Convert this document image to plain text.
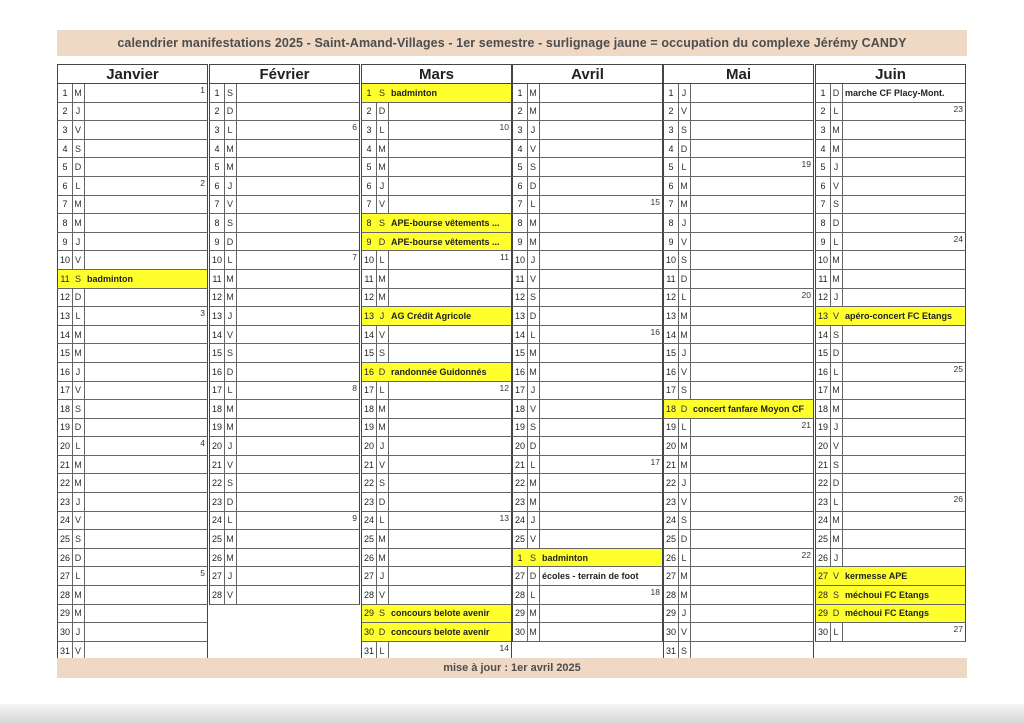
calendrier manifestations 2025 - Saint-Amand-Villages - 1er semestre - surlignage jaune = occupation du complexe Jérémy CANDY
Janvier
1 M	1
2 J
3 V
4 S
5 D
6 L	2
7 M
8 M
9 J
10 V
11 S badminton
12 D
13 L	3
14 M
15 M
16 J
17 V
18 S
19 D
20 L	4
21 M
22 M
23 J
24 V
25 S
26 D
27 L	5
28 M
29 M
30 J
31 V
Février
1 S
2 D
3 L	6
4 M
5 M
6 J
7 V
8 S
9 D
10 L	7
11 M
12 M
13 J
14 V
15 S
16 D
17 L	8
18 M
19 M
20 J
21 V
22 S
23 D
24 L	9
25 M
26 M
27 J
28 V
Mars
1 S badminton
2 D
3 L	10
4 M
5 M
6 J
7 V
8 S APE-bourse vêtements ...
9 D APE-bourse vêtements ...
10 L	11
11 M
12 M
13 J AG Crédit Agricole
14 V
15 S
16 D randonnée Guidonnés
17 L	12
18 M
19 M
20 J
21 V
22 S
23 D
24 L	13
25 M
26 M
27 J
28 V
29 S concours belote avenir
30 D concours belote avenir
31 L	14
Avril
1 M
2 M
3 J
4 V
5 S
6 D
7 L	15
8 M
9 M
10 J
11 V
12 S
13 D
14 L	16
15 M
16 M
17 J
18 V
19 S
20 D
21 L	17
22 M
23 M
24 J
25 V
1 S badminton
27 D écoles - terrain de foot
28 L	18
29 M
30 M
Mai
1 J
2 V
3 S
4 D
5 L	19
6 M
7 M
8 J
9 V
10 S
11 D
12 L	20
13 M
14 M
15 J
16 V
17 S
18 D concert fanfare Moyon CF
19 L	21
20 M
21 M
22 J
23 V
24 S
25 D
26 L	22
27 M
28 M
29 J
30 V
31 S
Juin
1 D marche CF Placy-Mont.
2 L	23
3 M
4 M
5 J
6 V
7 S
8 D
9 L	24
10 M
11 M
12 J
13 V apéro-concert FC Etangs
14 S
15 D
16 L	25
17 M
18 M
19 J
20 V
21 S
22 D
23 L	26
24 M
25 M
26 J
27 V kermesse APE
28 S méchoui FC Etangs
29 D méchoui FC Etangs
30 L	27
mise à jour : 1er avril 2025
